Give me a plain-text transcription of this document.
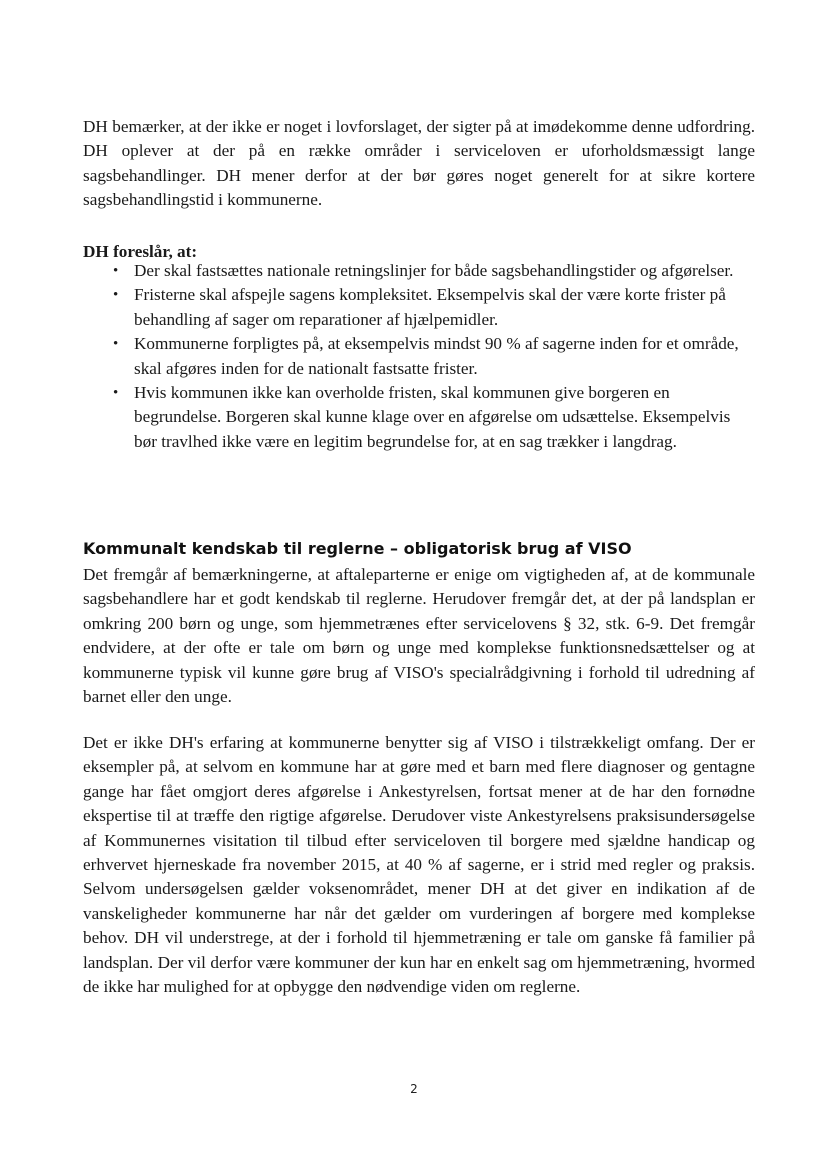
DH bemærker, at der ikke er noget i lovforslaget, der sigter på at imødekomme denne udfordring. DH oplever at der på en række områder i serviceloven er uforholdsmæssigt lange sagsbehandlinger. DH mener derfor at der bør gøres noget generelt for at sikre kortere sagsbehandlingstid i kommunerne.

DH foreslår, at:
• Der skal fastsættes nationale retningslinjer for både sagsbehandlingstider og afgørelser.
• Fristerne skal afspejle sagens kompleksitet. Eksempelvis skal der være korte frister på behandling af sager om reparationer af hjælpemidler.
• Kommunerne forpligtes på, at eksempelvis mindst 90 % af sagerne inden for et område, skal afgøres inden for de nationalt fastsatte frister.
• Hvis kommunen ikke kan overholde fristen, skal kommunen give borgeren en begrundelse. Borgeren skal kunne klage over en afgørelse om udsættelse. Eksempelvis bør travlhed ikke være en legitim begrundelse for, at en sag trækker i langdrag.
Kommunalt kendskab til reglerne – obligatorisk brug af VISO

Det fremgår af bemærkningerne, at aftaleparterne er enige om vigtigheden af, at de kommunale sagsbehandlere har et godt kendskab til reglerne. Herudover fremgår det, at der på landsplan er omkring 200 børn og unge, som hjemmetrænes efter servicelovens § 32, stk. 6-9. Det fremgår endvidere, at der ofte er tale om børn og unge med komplekse funktionsnedsættelser og at kommunerne typisk vil kunne gøre brug af VISO's specialrådgivning i forhold til udredning af barnet eller den unge.

Det er ikke DH's erfaring at kommunerne benytter sig af VISO i tilstrækkeligt omfang. Der er eksempler på, at selvom en kommune har at gøre med et barn med flere diagnoser og gentagne gange har fået omgjort deres afgørelse i Ankestyrelsen, fortsat mener at de har den fornødne ekspertise til at træffe den rigtige afgørelse. Derudover viste Ankestyrelsens praksisundersøgelse af Kommunernes visitation til tilbud efter serviceloven til borgere med sjældne handicap og erhvervet hjerneskade fra november 2015, at 40 % af sagerne, er i strid med regler og praksis. Selvom undersøgelsen gælder voksenområdet, mener DH at det giver en indikation af de vanskeligheder kommunerne har når det gælder om vurderingen af borgere med komplekse behov. DH vil understrege, at der i forhold til hjemmetræning er tale om ganske få familier på landsplan. Der vil derfor være kommuner der kun har en enkelt sag om hjemmetræning, hvormed de ikke har mulighed for at opbygge den nødvendige viden om reglerne.

2
